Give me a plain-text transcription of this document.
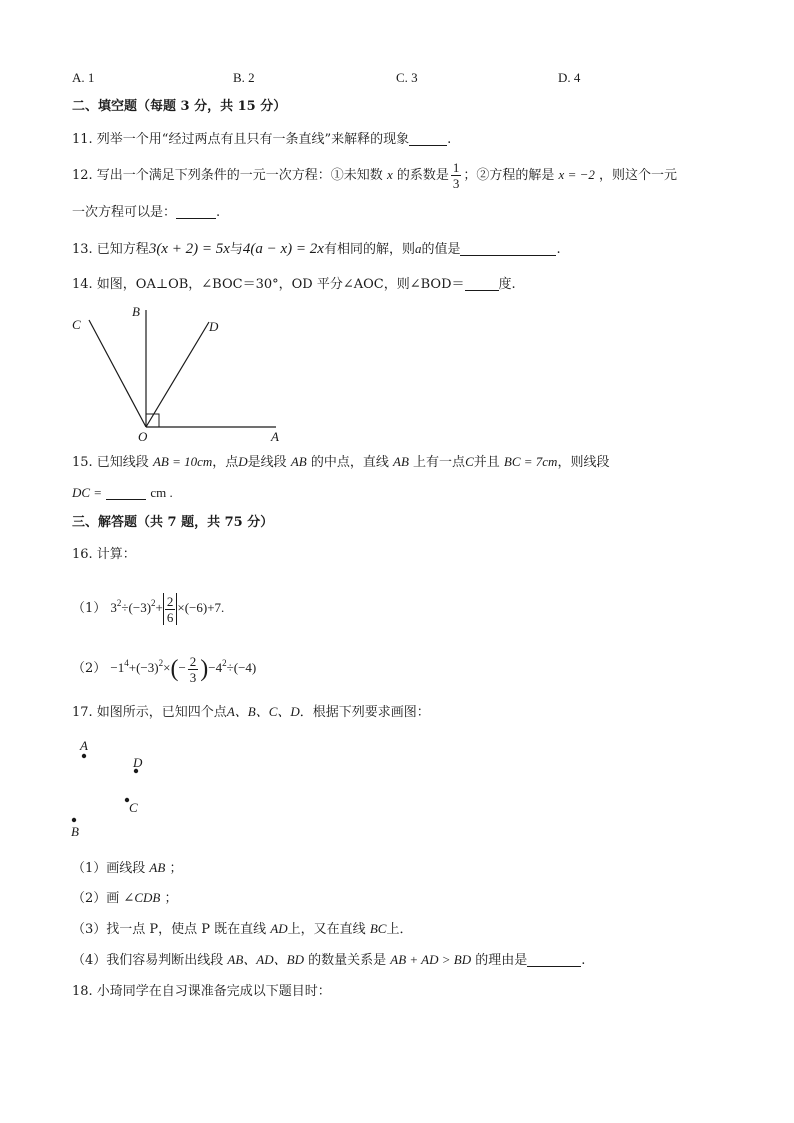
A. 1	B. 2	C. 3	D. 4
二、填空题（每题 3 分，共 15 分）
11. 列举一个用“经过两点有且只有一条直线”来解释的现象	.
12. 写出一个满足下列条件的一元一次方程：①未知数 x 的系数是 $\frac{1}{3}$ ；②方程的解是 x = −2 ，则这个一元
一次方程可以是：	.
13. 已知方程3(x + 2) = 5x与4(a − x) = 2x有相同的解，则a的值是	.
14. 如图，OA⊥OB，∠BOC＝30°，OD 平分∠AOC，则∠BOD＝	度.
C
B
D
O	A
15. 已知线段 AB = 10cm，点D是线段 AB 的中点，直线 AB 上有一点C并且 BC = 7cm，则线段
DC =	cm .
三、解答题（共 7 题，共 75 分）
16. 计算：
（1） $3^2\div(-3)^2+ \frac{2}{6} \times(-6)+7$.
$(2) -1^4+(-3)^2\times(- \frac{2}{3} )-4^2\div(-4)$
17. 如图所示，已知四个点A、B、C、D．根据下列要求画图：
A
D
C
B
（1）画线段 AB ；
（2）画 ∠CDB ；
（3）找一点 P，使点 P 既在直线 AD上，又在直线 BC上．
（4）我们容易判断出线段 AB、AD、BD 的数量关系是 AB + AD > BD 的理由是	.
18. 小琦同学在自习课准备完成以下题目时：
